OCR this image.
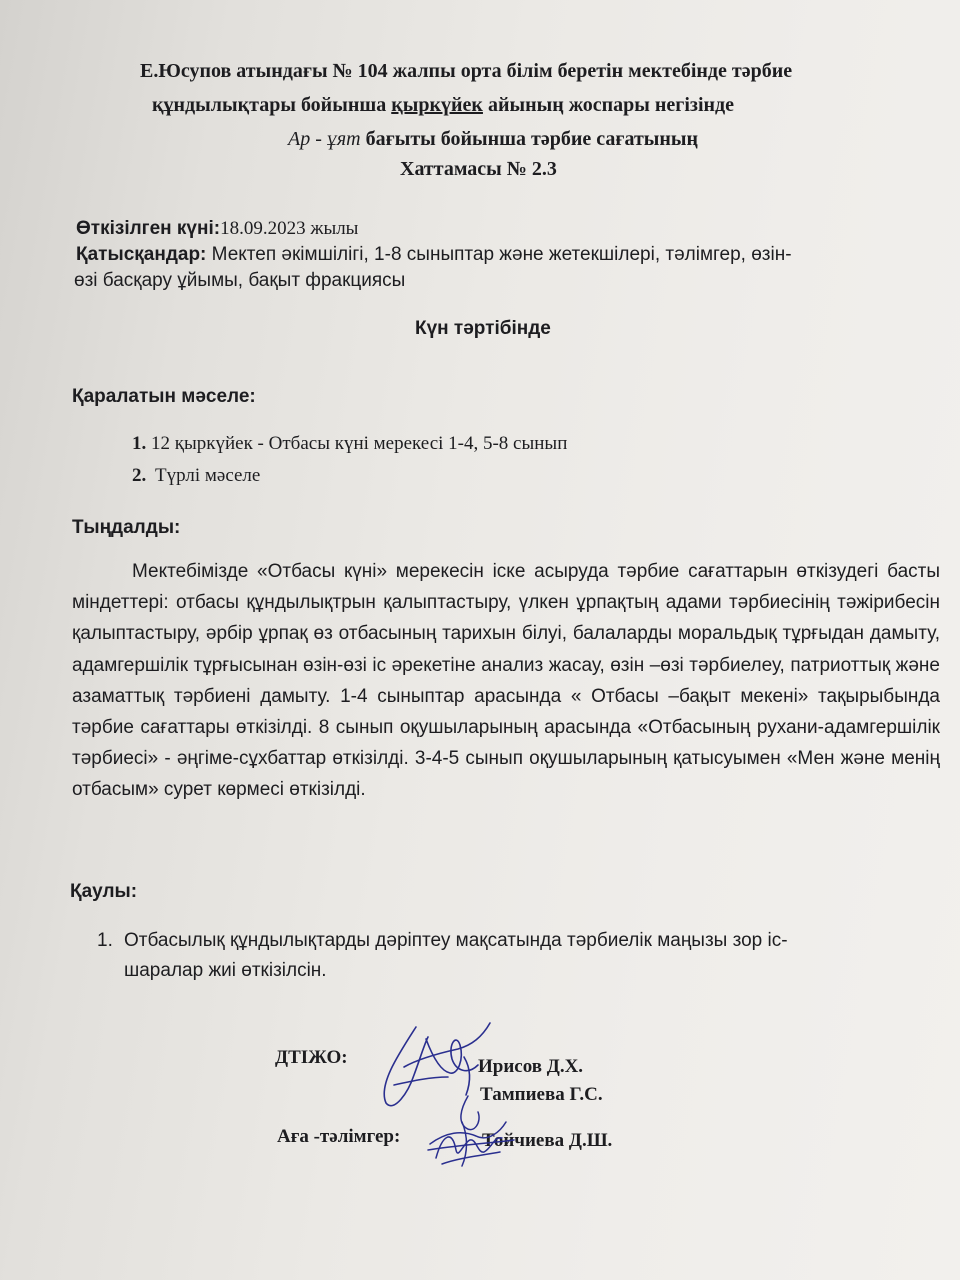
Е.Юсупов атындағы № 104 жалпы орта білім беретін мектебінде тәрбие
құндылықтары бойынша қыркүйек айының жоспары негізінде
Ар - ұят бағыты бойынша тәрбие сағатының
Хаттамасы № 2.3
Өткізілген күні:18.09.2023 жылы
Қатысқандар: Мектеп әкімшілігі, 1-8 сыныптар және жетекшілері, тәлімгер, өзін-
өзі басқару ұйымы, бақыт фракциясы
Күн тәртібінде
Қаралатын мәселе:
1. 12 қыркүйек - Отбасы күні мерекесі 1-4, 5-8 сынып
2. Түрлі мәселе
Тыңдалды:
Мектебімізде «Отбасы күні» мерекесін іске асыруда тәрбие сағаттарын өткізудегі басты міндеттері: отбасы құндылықтрын қалыптастыру, үлкен ұрпақтың адами тәрбиесінің тәжірибесін қалыптастыру, әрбір ұрпақ өз отбасының тарихын білуі, балаларды моральдық тұрғыдан дамыту, адамгершілік тұрғысынан өзін-өзі іс әрекетіне анализ жасау, өзін –өзі тәрбиелеу, патриоттық және азаматтық тәрбиені дамыту. 1-4 сыныптар арасында « Отбасы –бақыт мекені» тақырыбында тәрбие сағаттары өткізілді. 8 сынып оқушыларының арасында «Отбасының рухани-адамгершілік тәрбиесі» - әңгіме-сұхбаттар өткізілді. 3-4-5 сынып оқушыларының қатысуымен «Мен және менің отбасым» сурет көрмесі өткізілді.
Қаулы:
1. Отбасылық құндылықтарды дәріптеу мақсатында тәрбиелік маңызы зор іс-
шаралар жиі өткізілсін.
ДТІЖО:	Ирисов Д.Х.
Тампиева Г.С.
Аға -тәлімгер:	Тойчиева Д.Ш.
